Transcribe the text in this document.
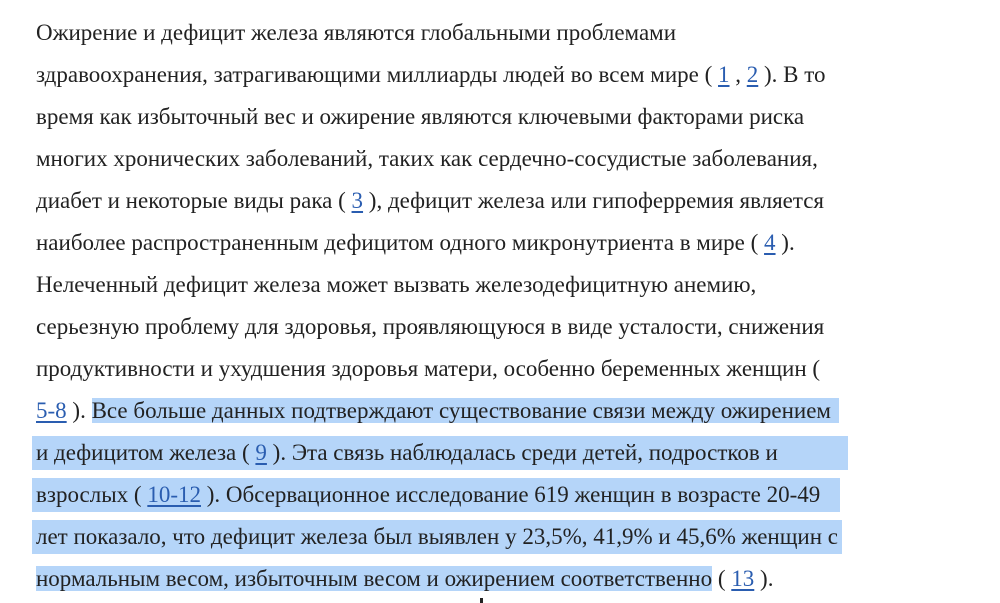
Ожирение и дефицит железа являются глобальными проблемами
здравоохранения, затрагивающими миллиарды людей во всем мире ( 1 , 2 ). В то
время как избыточный вес и ожирение являются ключевыми факторами риска
многих хронических заболеваний, таких как сердечно-сосудистые заболевания,
диабет и некоторые виды рака ( 3 ), дефицит железа или гипоферремия является
наиболее распространенным дефицитом одного микронутриента в мире ( 4 ).
Нелеченный дефицит железа может вызвать железодефицитную анемию,
серьезную проблему для здоровья, проявляющуюся в виде усталости, снижения
продуктивности и ухудшения здоровья матери, особенно беременных женщин (
5-8 ). Все больше данных подтверждают существование связи между ожирением
и дефицитом железа ( 9 ). Эта связь наблюдалась среди детей, подростков и
взрослых ( 10-12 ). Обсервационное исследование 619 женщин в возрасте 20-49
лет показало, что дефицит железа был выявлен у 23,5%, 41,9% и 45,6% женщин с
нормальным весом, избыточным весом и ожирением соответственно ( 13 ).
